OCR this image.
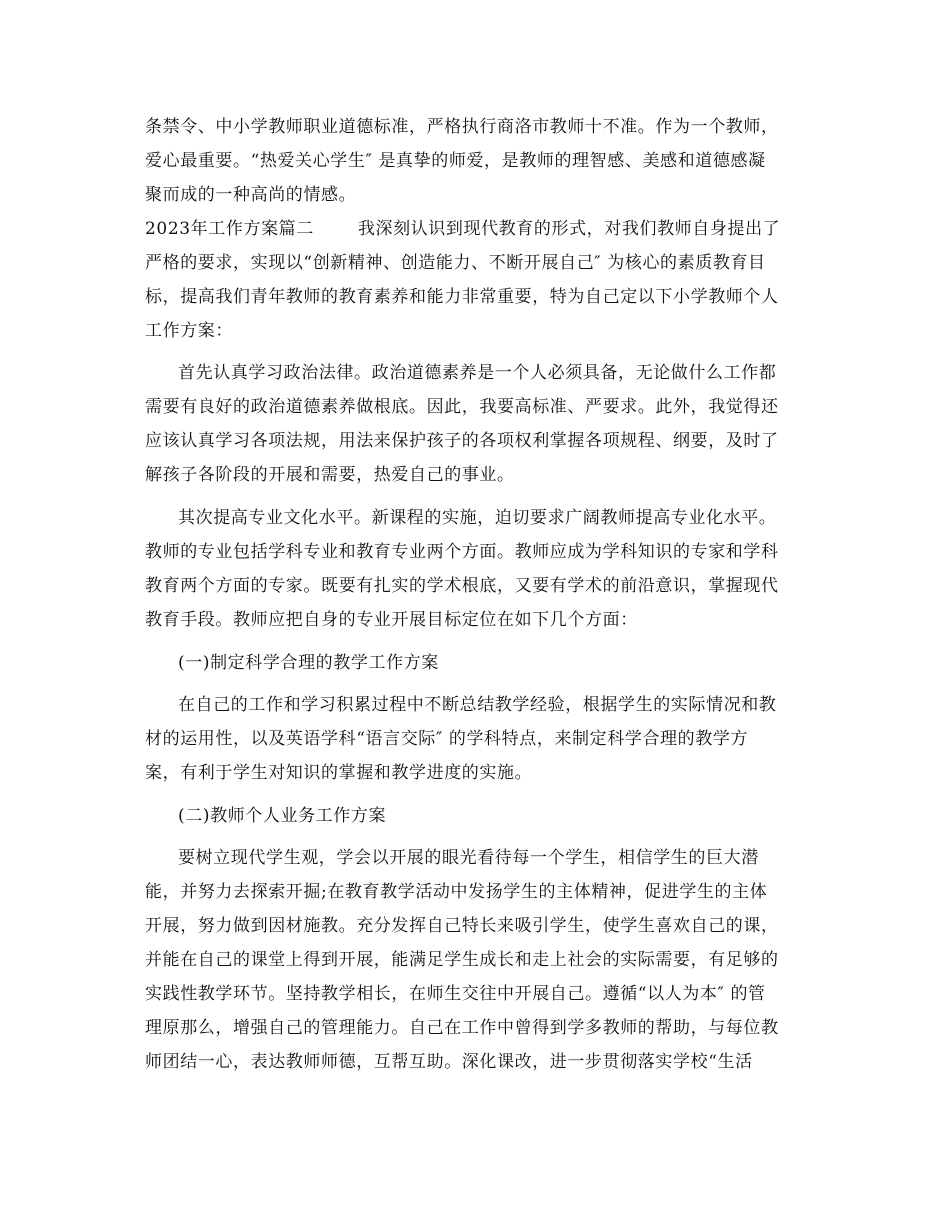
条禁令、中小学教师职业道德标准，严格执行商洛市教师十不准。作为一个教师，
爱心最重要。“热爱关心学生″ 是真挚的师爱，是教师的理智感、美感和道德感凝
聚而成的一种高尚的情感。
2023年工作方案篇二	我深刻认识到现代教育的形式，对我们教师自身提出了
严格的要求，实现以“创新精神、创造能力、不断开展自己″ 为核心的素质教育目
标，提高我们青年教师的教育素养和能力非常重要，特为自己定以下小学教师个人
工作方案：
首先认真学习政治法律。政治道德素养是一个人必须具备，无论做什么工作都
需要有良好的政治道德素养做根底。因此，我要高标准、严要求。此外，我觉得还
应该认真学习各项法规，用法来保护孩子的各项权利掌握各项规程、纲要，及时了
解孩子各阶段的开展和需要，热爱自己的事业。
其次提高专业文化水平。新课程的实施，迫切要求广阔教师提高专业化水平。
教师的专业包括学科专业和教育专业两个方面。教师应成为学科知识的专家和学科
教育两个方面的专家。既要有扎实的学术根底，又要有学术的前沿意识，掌握现代
教育手段。教师应把自身的专业开展目标定位在如下几个方面：
(一)制定科学合理的教学工作方案
在自己的工作和学习积累过程中不断总结教学经验，根据学生的实际情况和教
材的运用性，以及英语学科“语言交际″ 的学科特点，来制定科学合理的教学方
案，有利于学生对知识的掌握和教学进度的实施。
(二)教师个人业务工作方案
要树立现代学生观，学会以开展的眼光看待每一个学生，相信学生的巨大潜
能，并努力去探索开掘;在教育教学活动中发扬学生的主体精神，促进学生的主体
开展，努力做到因材施教。充分发挥自己特长来吸引学生，使学生喜欢自己的课，
并能在自己的课堂上得到开展，能满足学生成长和走上社会的实际需要，有足够的
实践性教学环节。坚持教学相长，在师生交往中开展自己。遵循“以人为本″ 的管
理原那么，增强自己的管理能力。自己在工作中曾得到学多教师的帮助，与每位教
师团结一心，表达教师师德，互帮互助。深化课改，进一步贯彻落实学校“生活
